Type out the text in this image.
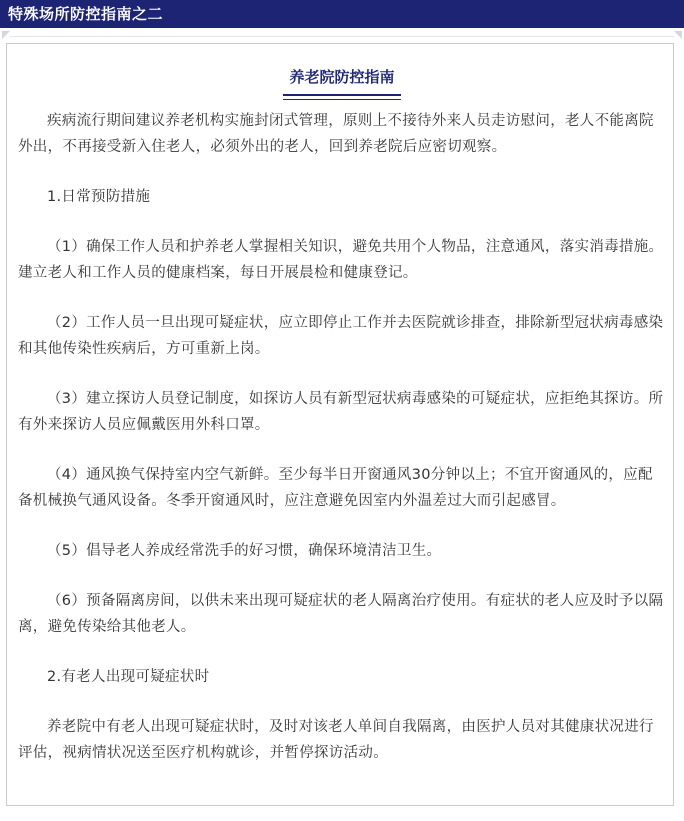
特殊场所防控指南之二
养老院防控指南

疾病流行期间建议养老机构实施封闭式管理，原则上不接待外来人员走访慰问，老人不能离院外出，不再接受新入住老人，必须外出的老人，回到养老院后应密切观察。

1.日常预防措施

（1）确保工作人员和护养老人掌握相关知识，避免共用个人物品，注意通风，落实消毒措施。建立老人和工作人员的健康档案，每日开展晨检和健康登记。

（2）工作人员一旦出现可疑症状，应立即停止工作并去医院就诊排查，排除新型冠状病毒感染和其他传染性疾病后，方可重新上岗。

（3）建立探访人员登记制度，如探访人员有新型冠状病毒感染的可疑症状，应拒绝其探访。所有外来探访人员应佩戴医用外科口罩。

（4）通风换气保持室内空气新鲜。至少每半日开窗通风30分钟以上；不宜开窗通风的，应配备机械换气通风设备。冬季开窗通风时，应注意避免因室内外温差过大而引起感冒。

（5）倡导老人养成经常洗手的好习惯，确保环境清洁卫生。

（6）预备隔离房间，以供未来出现可疑症状的老人隔离治疗使用。有症状的老人应及时予以隔离，避免传染给其他老人。

2.有老人出现可疑症状时

养老院中有老人出现可疑症状时，及时对该老人单间自我隔离，由医护人员对其健康状况进行评估，视病情状况送至医疗机构就诊，并暂停探访活动。
